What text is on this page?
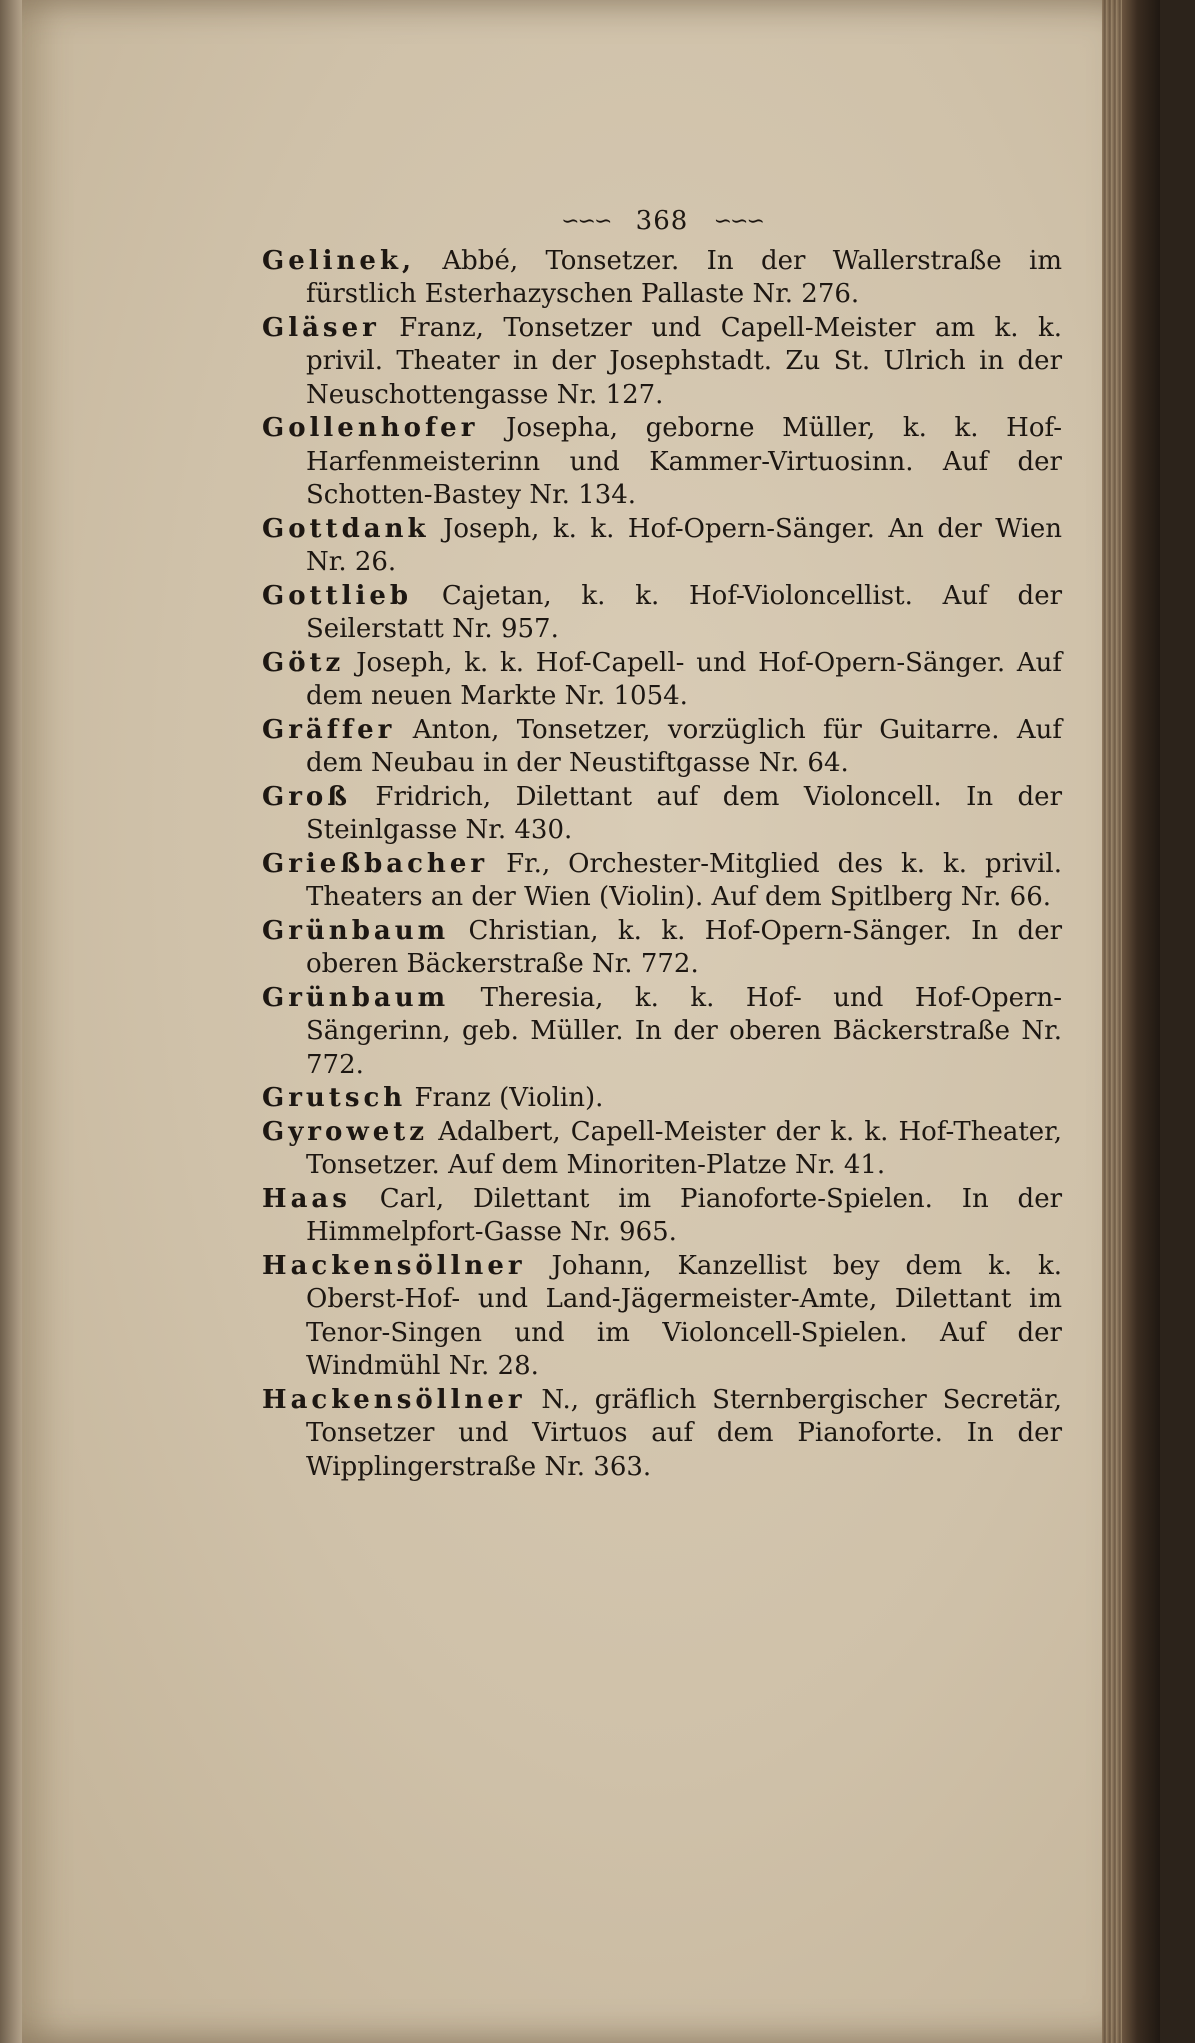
∽∽∽ 368 ∽∽∽
Gelinek, Abbé, Tonsetzer. In der Wallerstraße im fürstlich Esterhazyschen Pallaste Nr. 276.
Gläser Franz, Tonsetzer und Capell-Meister am k. k. privil. Theater in der Josephstadt. Zu St. Ulrich in der Neuschottengasse Nr. 127.
Gollenhofer Josepha, geborne Müller, k. k. Hof-Harfenmeisterinn und Kammer-Virtuosinn. Auf der Schotten-Bastey Nr. 134.
Gottdank Joseph, k. k. Hof-Opern-Sänger. An der Wien Nr. 26.
Gottlieb Cajetan, k. k. Hof-Violoncellist. Auf der Seilerstatt Nr. 957.
Götz Joseph, k. k. Hof-Capell- und Hof-Opern-Sänger. Auf dem neuen Markte Nr. 1054.
Gräffer Anton, Tonsetzer, vorzüglich für Guitarre. Auf dem Neubau in der Neustiftgasse Nr. 64.
Groß Fridrich, Dilettant auf dem Violoncell. In der Steinlgasse Nr. 430.
Grießbacher Fr., Orchester-Mitglied des k. k. privil. Theaters an der Wien (Violin). Auf dem Spitlberg Nr. 66.
Grünbaum Christian, k. k. Hof-Opern-Sänger. In der oberen Bäckerstraße Nr. 772.
Grünbaum Theresia, k. k. Hof- und Hof-Opern-Sängerinn, geb. Müller. In der oberen Bäckerstraße Nr. 772.
Grutsch Franz (Violin).
Gyrowetz Adalbert, Capell-Meister der k. k. Hof-Theater, Tonsetzer. Auf dem Minoriten-Platze Nr. 41.
Haas Carl, Dilettant im Pianoforte-Spielen. In der Himmelpfort-Gasse Nr. 965.
Hackensöllner Johann, Kanzellist bey dem k. k. Oberst-Hof- und Land-Jägermeister-Amte, Dilettant im Tenor-Singen und im Violoncell-Spielen. Auf der Windmühl Nr. 28.
Hackensöllner N., gräflich Sternbergischer Secretär, Tonsetzer und Virtuos auf dem Pianoforte. In der Wipplingerstraße Nr. 363.
